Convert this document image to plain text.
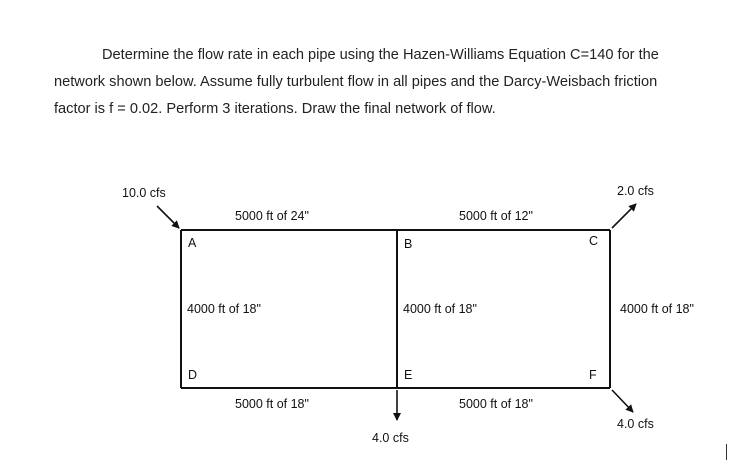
Determine the flow rate in each pipe using the Hazen-Williams Equation C=140 for the network shown below. Assume fully turbulent flow in all pipes and the Darcy-Weisbach friction factor is f = 0.02. Perform 3 iterations. Draw the final network of flow.

A	B	C
D	E	F
5000 ft of 24"	5000 ft of 12"
4000 ft of 18"	4000 ft of 18"	4000 ft of 18"
5000 ft of 18"	5000 ft of 18"
10.0 cfs	2.0 cfs
4.0 cfs
4.0 cfs
